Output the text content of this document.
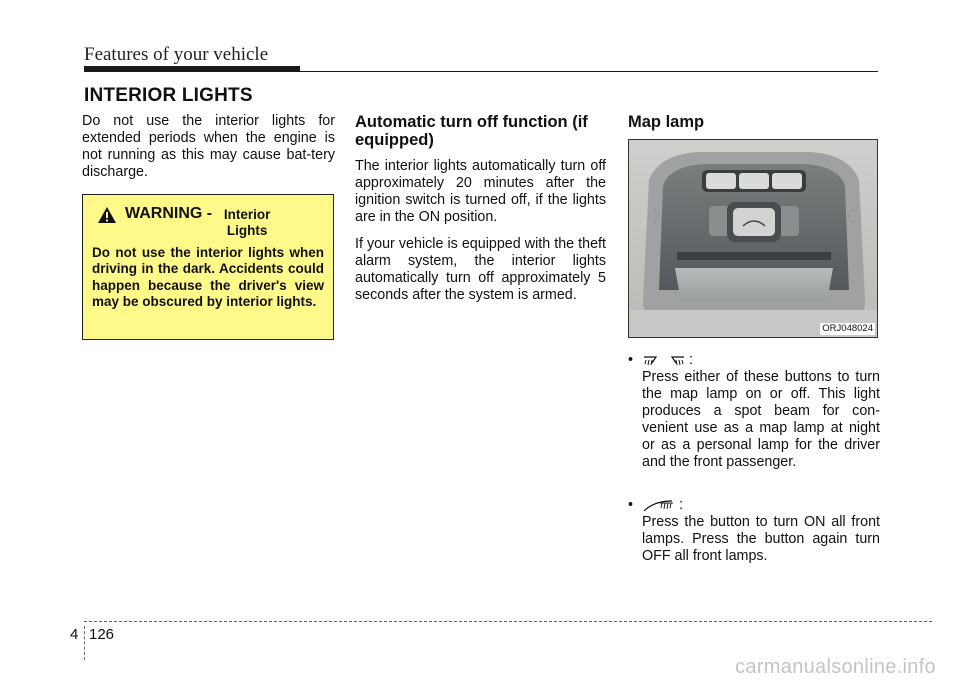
Features of your vehicle
INTERIOR LIGHTS

Do not use the interior lights for extended periods when the engine is not running as this may cause bat-tery discharge.

WARNING - Interior Lights
Do not use the interior lights when driving in the dark. Accidents could happen because the driver's view may be obscured by interior lights.
Automatic turn off function (if equipped)

The interior lights automatically turn off approximately 20 minutes after the ignition switch is turned off, if the lights are in the ON position.

If your vehicle is equipped with the theft alarm system, the interior lights automatically turn off approximately 5 seconds after the system is armed.

Map lamp
ORJ048024
•	:
Press either of these buttons to turn the map lamp on or off. This light produces a spot beam for con-venient use as a map lamp at night or as a personal lamp for the driver and the front passenger.
•	:
Press the button to turn ON all front lamps. Press the button again turn OFF all front lamps.
4 126
carmanualsonline.info
